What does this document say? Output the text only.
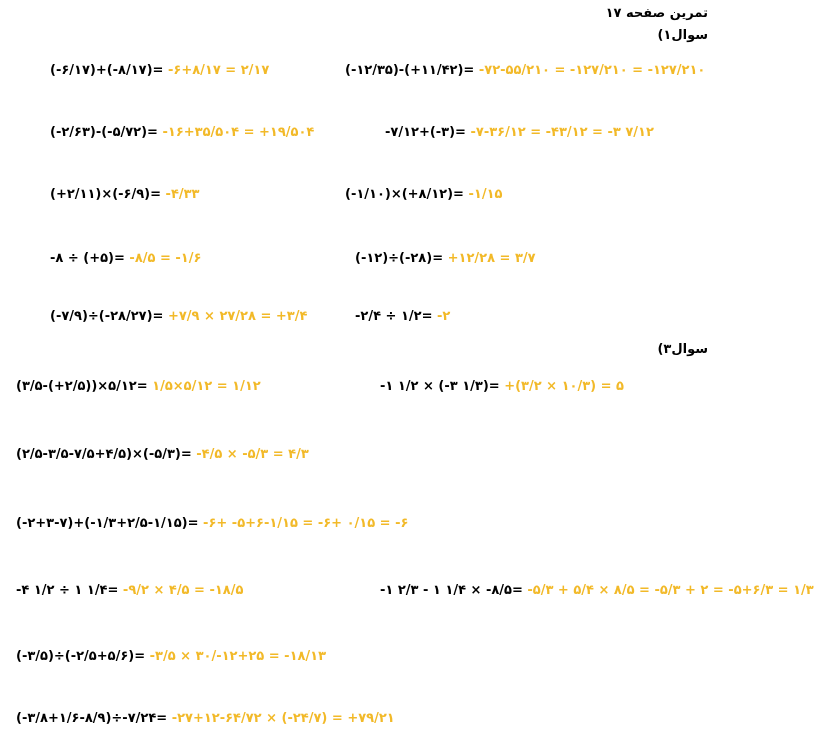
تمرین صفحه ۱۷
سوال۱)
(-۶/۱۷)+(-۸/۱۷)= -۶+۸/۱۷ = ۲/۱۷	(-۱۲/۳۵)-(+۱۱/۴۲)= -۷۲-۵۵/۲۱۰ = -۱۲۷/۲۱۰ = -۱۲۷/۲۱۰
(-۲/۶۳)-(-۵/۷۲)= -۱۶+۳۵/۵۰۴ = +۱۹/۵۰۴	-۷/۱۲+(-۳)= -۷-۳۶/۱۲ = -۴۳/۱۲ = -۳ ۷/۱۲
(+۲/۱۱)×(-۶/۹)= -۴/۳۳	(-۱/۱۰)×(+۸/۱۲)= -۱/۱۵
-۸ ÷ (+۵)= -۸/۵ = -۱/۶	(-۱۲)÷(-۲۸)= +۱۲/۲۸ = ۳/۷
(-۷/۹)÷(-۲۸/۲۷)= +۷/۹ × ۲۷/۲۸ = +۳/۴	-۲/۴ ÷ ۱/۲= -۲
سوال۳)
(۳/۵-(+۲/۵))×۵/۱۲= ۱/۵×۵/۱۲ = ۱/۱۲	-۱ ۱/۲ × (-۳ ۱/۳)= +(۳/۲ × ۱۰/۳) = ۵
(۲/۵-۳/۵-۷/۵+۴/۵)×(-۵/۳)= -۴/۵ × -۵/۳ = ۴/۳
(-۲+۳-۷)+(-۱/۳+۲/۵-۱/۱۵)= -۶+ -۵+۶-۱/۱۵ = -۶+ ۰/۱۵ = -۶
-۴ ۱/۲ ÷ ۱ ۱/۴= -۹/۲ × ۴/۵ = -۱۸/۵	-۱ ۲/۳ - ۱ ۱/۴ × -۸/۵= -۵/۳ + ۵/۴ × ۸/۵ = -۵/۳ + ۲ = -۵+۶/۳ = ۱/۳
(-۳/۵)÷(-۲/۵+۵/۶)= -۳/۵ × ۳۰/-۱۲+۲۵ = -۱۸/۱۳
(-۳/۸+۱/۶-۸/۹)÷-۷/۲۴= -۲۷+۱۲-۶۴/۷۲ × (-۲۴/۷) = +۷۹/۲۱
